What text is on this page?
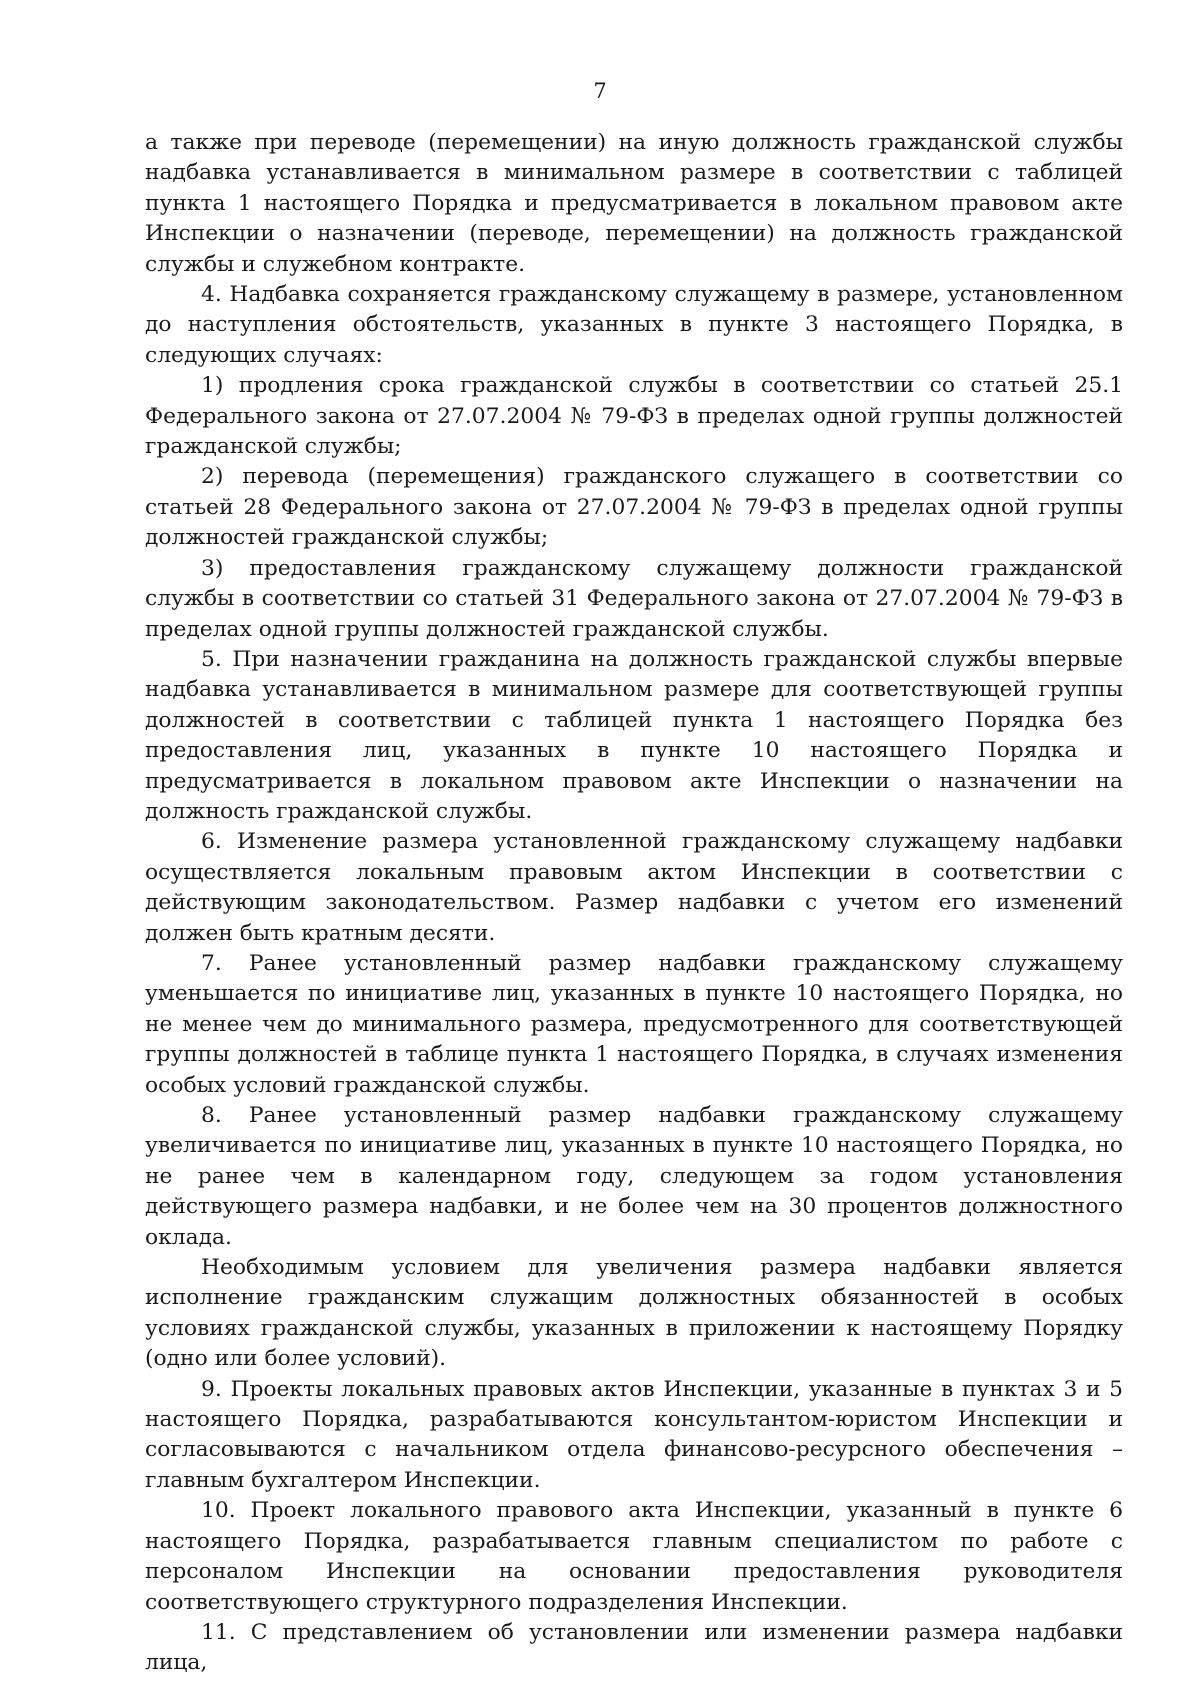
7

а также при переводе (перемещении) на иную должность гражданской службы надбавка устанавливается в минимальном размере в соответствии с таблицей пункта 1 настоящего Порядка и предусматривается в локальном правовом акте Инспекции о назначении (переводе, перемещении) на должность гражданской службы и служебном контракте.

4. Надбавка сохраняется гражданскому служащему в размере, установленном до наступления обстоятельств, указанных в пункте 3 настоящего Порядка, в следующих случаях:

1) продления срока гражданской службы в соответствии со статьей 25.1 Федерального закона от 27.07.2004 № 79-ФЗ в пределах одной группы должностей гражданской службы;

2) перевода (перемещения) гражданского служащего в соответствии со статьей 28 Федерального закона от 27.07.2004 № 79-ФЗ в пределах одной группы должностей гражданской службы;

3) предоставления гражданскому служащему должности гражданской службы в соответствии со статьей 31 Федерального закона от 27.07.2004 № 79-ФЗ в пределах одной группы должностей гражданской службы.

5. При назначении гражданина на должность гражданской службы впервые надбавка устанавливается в минимальном размере для соответствующей группы должностей в соответствии с таблицей пункта 1 настоящего Порядка без предоставления лиц, указанных в пункте 10 настоящего Порядка и предусматривается в локальном правовом акте Инспекции о назначении на должность гражданской службы.

6. Изменение размера установленной гражданскому служащему надбавки осуществляется локальным правовым актом Инспекции в соответствии с действующим законодательством. Размер надбавки с учетом его изменений должен быть кратным десяти.

7. Ранее установленный размер надбавки гражданскому служащему уменьшается по инициативе лиц, указанных в пункте 10 настоящего Порядка, но не менее чем до минимального размера, предусмотренного для соответствующей группы должностей в таблице пункта 1 настоящего Порядка, в случаях изменения особых условий гражданской службы.

8. Ранее установленный размер надбавки гражданскому служащему увеличивается по инициативе лиц, указанных в пункте 10 настоящего Порядка, но не ранее чем в календарном году, следующем за годом установления действующего размера надбавки, и не более чем на 30 процентов должностного оклада.

Необходимым условием для увеличения размера надбавки является исполнение гражданским служащим должностных обязанностей в особых условиях гражданской службы, указанных в приложении к настоящему Порядку (одно или более условий).

9. Проекты локальных правовых актов Инспекции, указанные в пунктах 3 и 5 настоящего Порядка, разрабатываются консультантом-юристом Инспекции и согласовываются с начальником отдела финансово-ресурсного обеспечения – главным бухгалтером Инспекции.

10. Проект локального правового акта Инспекции, указанный в пункте 6 настоящего Порядка, разрабатывается главным специалистом по работе с персоналом Инспекции на основании предоставления руководителя соответствующего структурного подразделения Инспекции.

11. С представлением об установлении или изменении размера надбавки лица,
